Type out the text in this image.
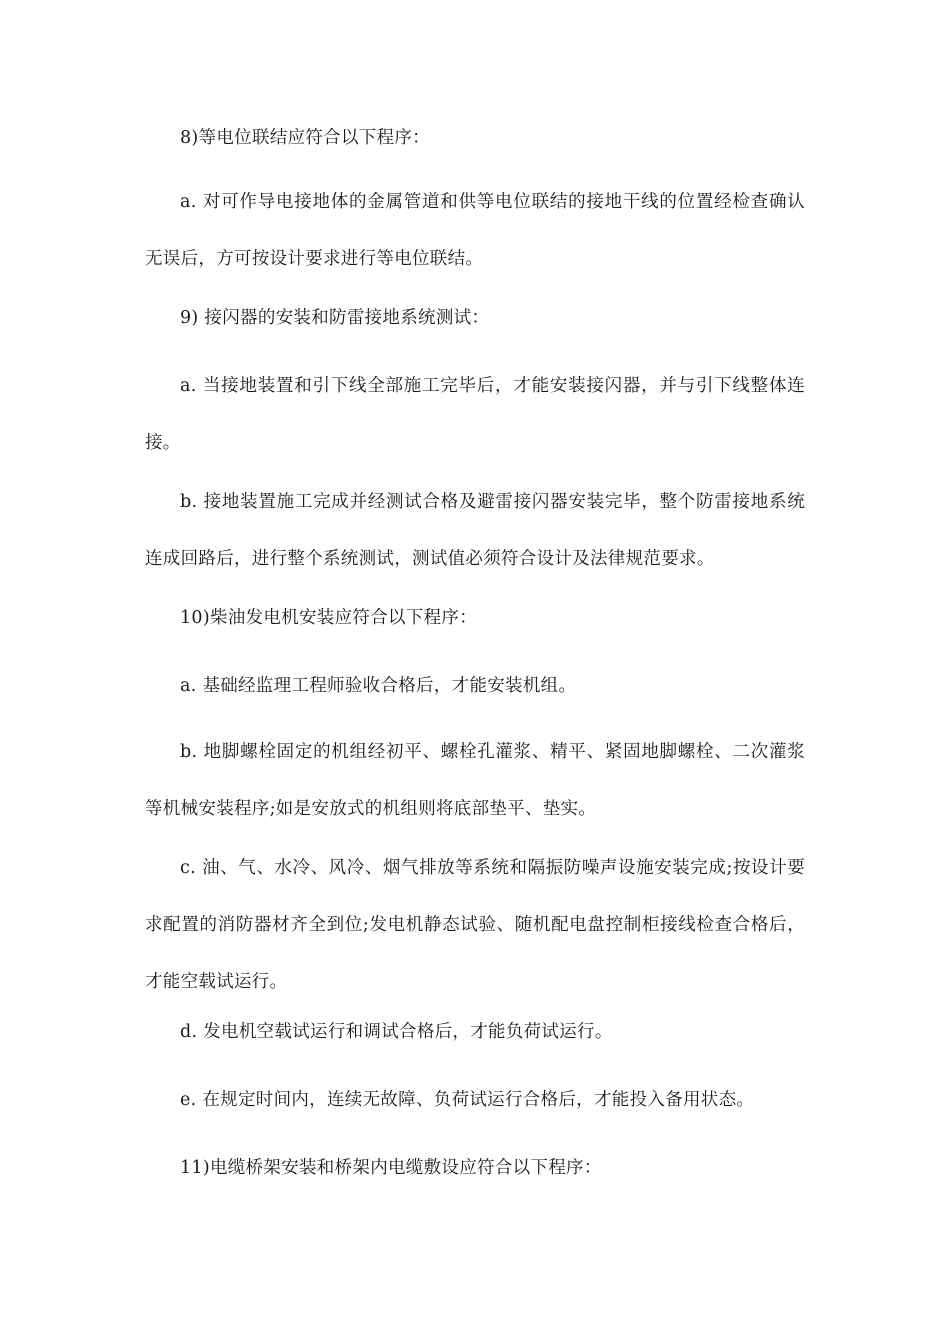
8)等电位联结应符合以下程序：

a. 对可作导电接地体的金属管道和供等电位联结的接地干线的位置经检查确认无误后，方可按设计要求进行等电位联结。

9) 接闪器的安装和防雷接地系统测试：

a. 当接地装置和引下线全部施工完毕后，才能安装接闪器，并与引下线整体连接。

b. 接地装置施工完成并经测试合格及避雷接闪器安装完毕，整个防雷接地系统连成回路后，进行整个系统测试，测试值必须符合设计及法律规范要求。

10)柴油发电机安装应符合以下程序：

a. 基础经监理工程师验收合格后，才能安装机组。

b. 地脚螺栓固定的机组经初平、螺栓孔灌浆、精平、紧固地脚螺栓、二次灌浆等机械安装程序;如是安放式的机组则将底部垫平、垫实。

c. 油、气、水冷、风冷、烟气排放等系统和隔振防噪声设施安装完成;按设计要求配置的消防器材齐全到位;发电机静态试验、随机配电盘控制柜接线检查合格后，才能空载试运行。

d. 发电机空载试运行和调试合格后，才能负荷试运行。

e. 在规定时间内，连续无故障、负荷试运行合格后，才能投入备用状态。

11)电缆桥架安装和桥架内电缆敷设应符合以下程序：
